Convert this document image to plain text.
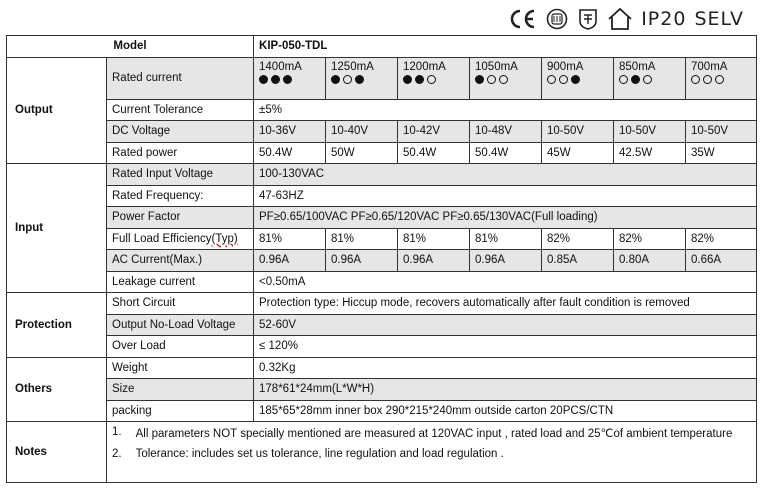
IP20 SELV
Model		KIP-050-TDL						
Output	Rated current	1400mA	1250mA	1200mA	1050mA	900mA	850mA	700mA

	Current Tolerance	±5%						
	DC Voltage	10-36V	10-40V	10-42V	10-48V	10-50V	10-50V	10-50V

	Rated power	50.4W	50W	50.4W	50.4W	45W	42.5W	35W

Input	Rated Input Voltage	100-130VAC						
	Rated Frequency:	47-63HZ						
	Power Factor	PF≥0.65/100VAC PF≥0.65/120VAC PF≥0.65/130VAC(Full loading)						
	Full Load Efficiency(Typ)	81%	81%	81%	81%	82%	82%	82%

	AC Current(Max.)	0.96A	0.96A	0.96A	0.96A	0.85A	0.80A	0.66A

	Leakage current	<0.50mA						
Protection	Short Circuit	Protection type: Hiccup mode, recovers automatically after fault condition is removed						
	Output No-Load Voltage	52-60V						
	Over Load	≤ 120%						
Others	Weight	0.32Kg						
	Size	178*61*24mm(L*W*H)						
	packing	185*65*28mm inner box 290*215*240mm outside carton 20PCS/CTN						
Notes	1. All parameters NOT specially mentioned are measured at 120VAC input , rated load and 25℃of ambient temperature
2. Tolerance: includes set us tolerance, line regulation and load regulation .							
